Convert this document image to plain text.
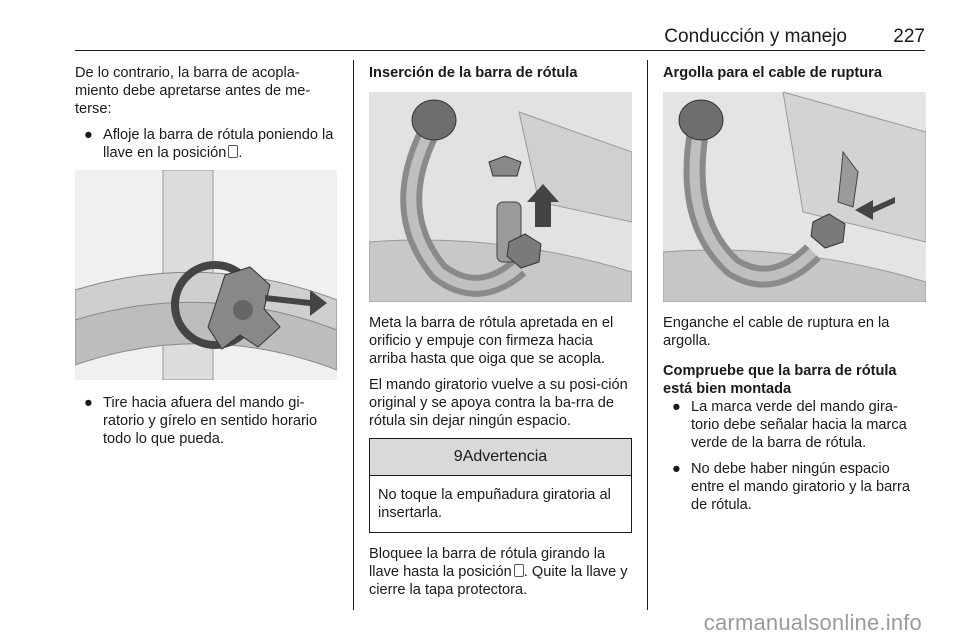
Conducción y manejo 227

De lo contrario, la barra de acopla-miento debe apretarse antes de me-terse:

● Afloje la barra de rótula poniendo la llave en la posición .
● Tire hacia afuera del mando gi-ratorio y gírelo en sentido horario todo lo que pueda.
Inserción de la barra de rótula

Meta la barra de rótula apretada en el orificio y empuje con firmeza hacia arriba hasta que oiga que se acopla.

El mando giratorio vuelve a su posi-ción original y se apoya contra la ba-rra de rótula sin dejar ningún espacio.

9Advertencia
No toque la empuñadura giratoria al insertarla.

Bloquee la barra de rótula girando la llave hasta la posición . Quite la llave y cierre la tapa protectora.

Argolla para el cable de ruptura

Enganche el cable de ruptura en la argolla.

Compruebe que la barra de rótula está bien montada
● La marca verde del mando gira-torio debe señalar hacia la marca verde de la barra de rótula.
● No debe haber ningún espacio entre el mando giratorio y la barra de rótula.
carmanualsonline.info
